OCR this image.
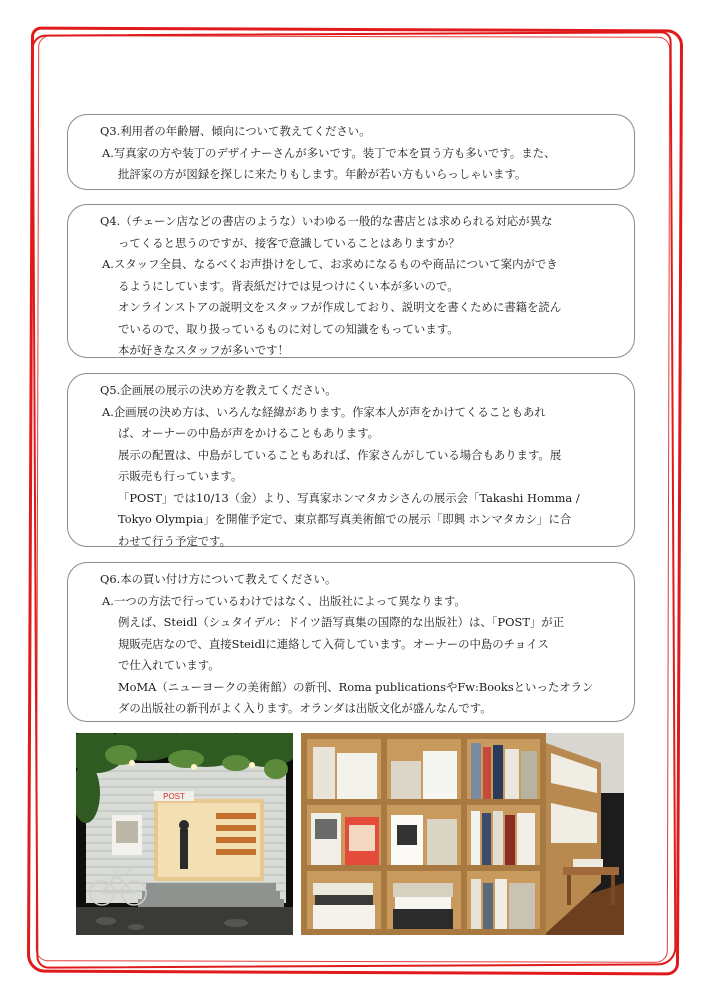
Q3.利用者の年齢層、傾向について教えてください。

A.写真家の方や装丁のデザイナーさんが多いです。装丁で本を買う方も多いです。また、

批評家の方が図録を探しに来たりもします。年齢が若い方もいらっしゃいます。

Q4.（チェーン店などの書店のような）いわゆる一般的な書店とは求められる対応が異な

ってくると思うのですが、接客で意識していることはありますか？

A.スタッフ全員、なるべくお声掛けをして、お求めになるものや商品について案内ができ

るようにしています。背表紙だけでは見つけにくい本が多いので。

オンラインストアの説明文をスタッフが作成しており、説明文を書くために書籍を読ん

でいるので、取り扱っているものに対しての知識をもっています。

本が好きなスタッフが多いです！

Q5.企画展の展示の決め方を教えてください。

A.企画展の決め方は、いろんな経緯があります。作家本人が声をかけてくることもあれ

ば、オーナーの中島が声をかけることもあります。

展示の配置は、中島がしていることもあれば、作家さんがしている場合もあります。展

示販売も行っています。

「POST」では10/13（金）より、写真家ホンマタカシさんの展示会「Takashi Homma /

Tokyo Olympia」を開催予定で、東京都写真美術館での展示「即興 ホンマタカシ」に合

わせて行う予定です。

Q6.本の買い付け方について教えてください。

A.一つの方法で行っているわけではなく、出版社によって異なります。

例えば、Steidl（シュタイデル：ドイツ語写真集の国際的な出版社）は、「POST」が正

規販売店なので、直接Steidlに連絡して入荷しています。オーナーの中島のチョイス

で仕入れています。

MoMA（ニューヨークの美術館）の新刊、Roma publicationsやFw:Booksといったオラン

ダの出版社の新刊がよく入ります。オランダは出版文化が盛んなんです。

POST
